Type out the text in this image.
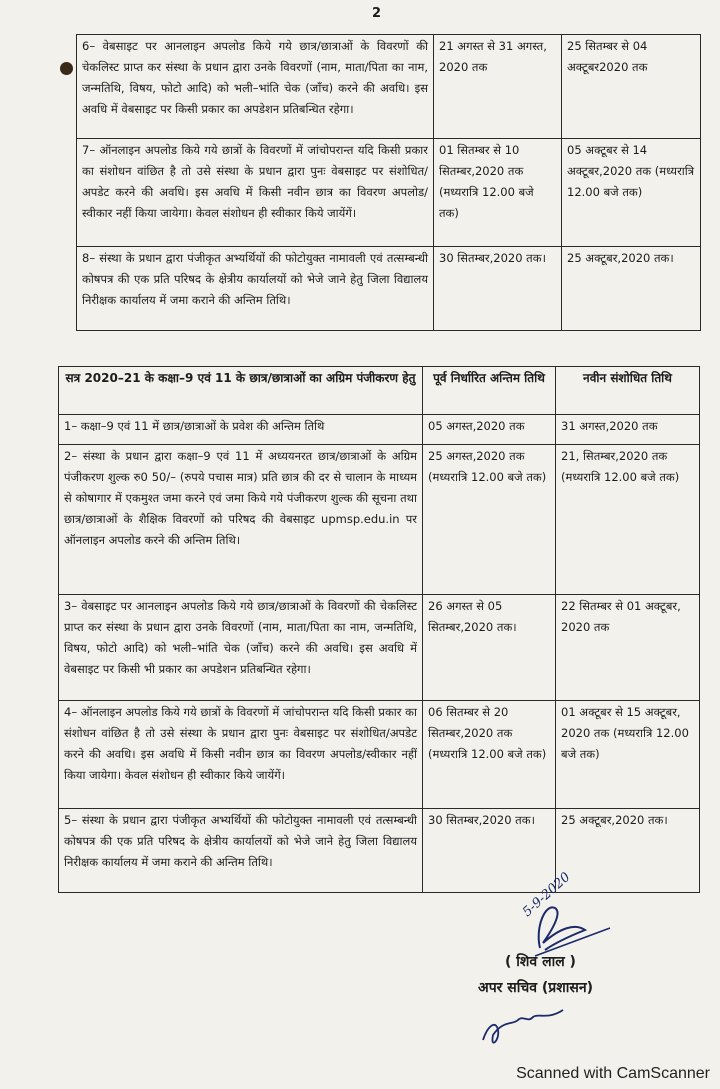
2
6– वेबसाइट पर आनलाइन अपलोड किये गये छात्र/छात्राओं के विवरणों की चेकलिस्ट प्राप्त कर संस्था के प्रधान द्वारा उनके विवरणों (नाम, माता/पिता का नाम, जन्मतिथि, विषय, फोटो आदि) को भली–भांति चेक (जाँच) करने की अवधि। इस अवधि में वेबसाइट पर किसी प्रकार का अपडेशन प्रतिबन्धित रहेगा।	21 अगस्त से 31 अगस्त, 2020 तक	25 सितम्बर से 04 अक्टूबर2020 तक
7– ऑनलाइन अपलोड किये गये छात्रों के विवरणों में जांचोपरान्त यदि किसी प्रकार का संशोधन वांछित है तो उसे संस्था के प्रधान द्वारा पुनः वेबसाइट पर संशोधित/अपडेट करने की अवधि। इस अवधि में किसी नवीन छात्र का विवरण अपलोड/स्वीकार नहीं किया जायेगा। केवल संशोधन ही स्वीकार किये जायेंगें।	01 सितम्बर से 10 सितम्बर,2020 तक (मध्यरात्रि 12.00 बजे तक)	05 अक्टूबर से 14 अक्टूबर,2020 तक (मध्यरात्रि 12.00 बजे तक)
8– संस्था के प्रधान द्वारा पंजीकृत अभ्यर्थियों की फोटोयुक्त नामावली एवं तत्सम्बन्धी कोषपत्र की एक प्रति परिषद के क्षेत्रीय कार्यालयों को भेजे जाने हेतु जिला विद्यालय निरीक्षक कार्यालय में जमा कराने की अन्तिम तिथि।	30 सितम्बर,2020 तक।	25 अक्टूबर,2020 तक।
सत्र 2020–21 के कक्षा–9 एवं 11 के छात्र/छात्राओं का अग्रिम पंजीकरण हेतु	पूर्व निर्धारित अन्तिम तिथि	नवीन संशोधित तिथि
1– कक्षा–9 एवं 11 में छात्र/छात्राओं के प्रवेश की अन्तिम तिथि	05 अगस्त,2020 तक	31 अगस्त,2020 तक
2– संस्था के प्रधान द्वारा कक्षा–9 एवं 11 में अध्ययनरत छात्र/छात्राओं के अग्रिम पंजीकरण शुल्क रु0 50/– (रुपये पचास मात्र) प्रति छात्र की दर से चालान के माध्यम से कोषागार में एकमुश्त जमा करने एवं जमा किये गये पंजीकरण शुल्क की सूचना तथा छात्र/छात्राओं के शैक्षिक विवरणों को परिषद की वेबसाइट upmsp.edu.in पर ऑनलाइन अपलोड करने की अन्तिम तिथि।	25 अगस्त,2020 तक (मध्यरात्रि 12.00 बजे तक)	21, सितम्बर,2020 तक (मध्यरात्रि 12.00 बजे तक)
3– वेबसाइट पर आनलाइन अपलोड किये गये छात्र/छात्राओं के विवरणों की चेकलिस्ट प्राप्त कर संस्था के प्रधान द्वारा उनके विवरणों (नाम, माता/पिता का नाम, जन्मतिथि, विषय, फोटो आदि) को भली–भांति चेक (जाँच) करने की अवधि। इस अवधि में वेबसाइट पर किसी भी प्रकार का अपडेशन प्रतिबन्धित रहेगा।	26 अगस्त से 05 सितम्बर,2020 तक।	22 सितम्बर से 01 अक्टूबर, 2020 तक
4– ऑनलाइन अपलोड किये गये छात्रों के विवरणों में जांचोपरान्त यदि किसी प्रकार का संशोधन वांछित है तो उसे संस्था के प्रधान द्वारा पुनः वेबसाइट पर संशोधित/अपडेट करने की अवधि। इस अवधि में किसी नवीन छात्र का विवरण अपलोड/स्वीकार नहीं किया जायेगा। केवल संशोधन ही स्वीकार किये जायेंगें।	06 सितम्बर से 20 सितम्बर,2020 तक (मध्यरात्रि 12.00 बजे तक)	01 अक्टूबर से 15 अक्टूबर, 2020 तक (मध्यरात्रि 12.00 बजे तक)
5– संस्था के प्रधान द्वारा पंजीकृत अभ्यर्थियों की फोटोयुक्त नामावली एवं तत्सम्बन्धी कोषपत्र की एक प्रति परिषद के क्षेत्रीय कार्यालयों को भेजे जाने हेतु जिला विद्यालय निरीक्षक कार्यालय में जमा कराने की अन्तिम तिथि।	30 सितम्बर,2020 तक।	25 अक्टूबर,2020 तक।
5-9-2020
( शिव लाल )
अपर सचिव (प्रशासन)
Scanned with CamScanner
